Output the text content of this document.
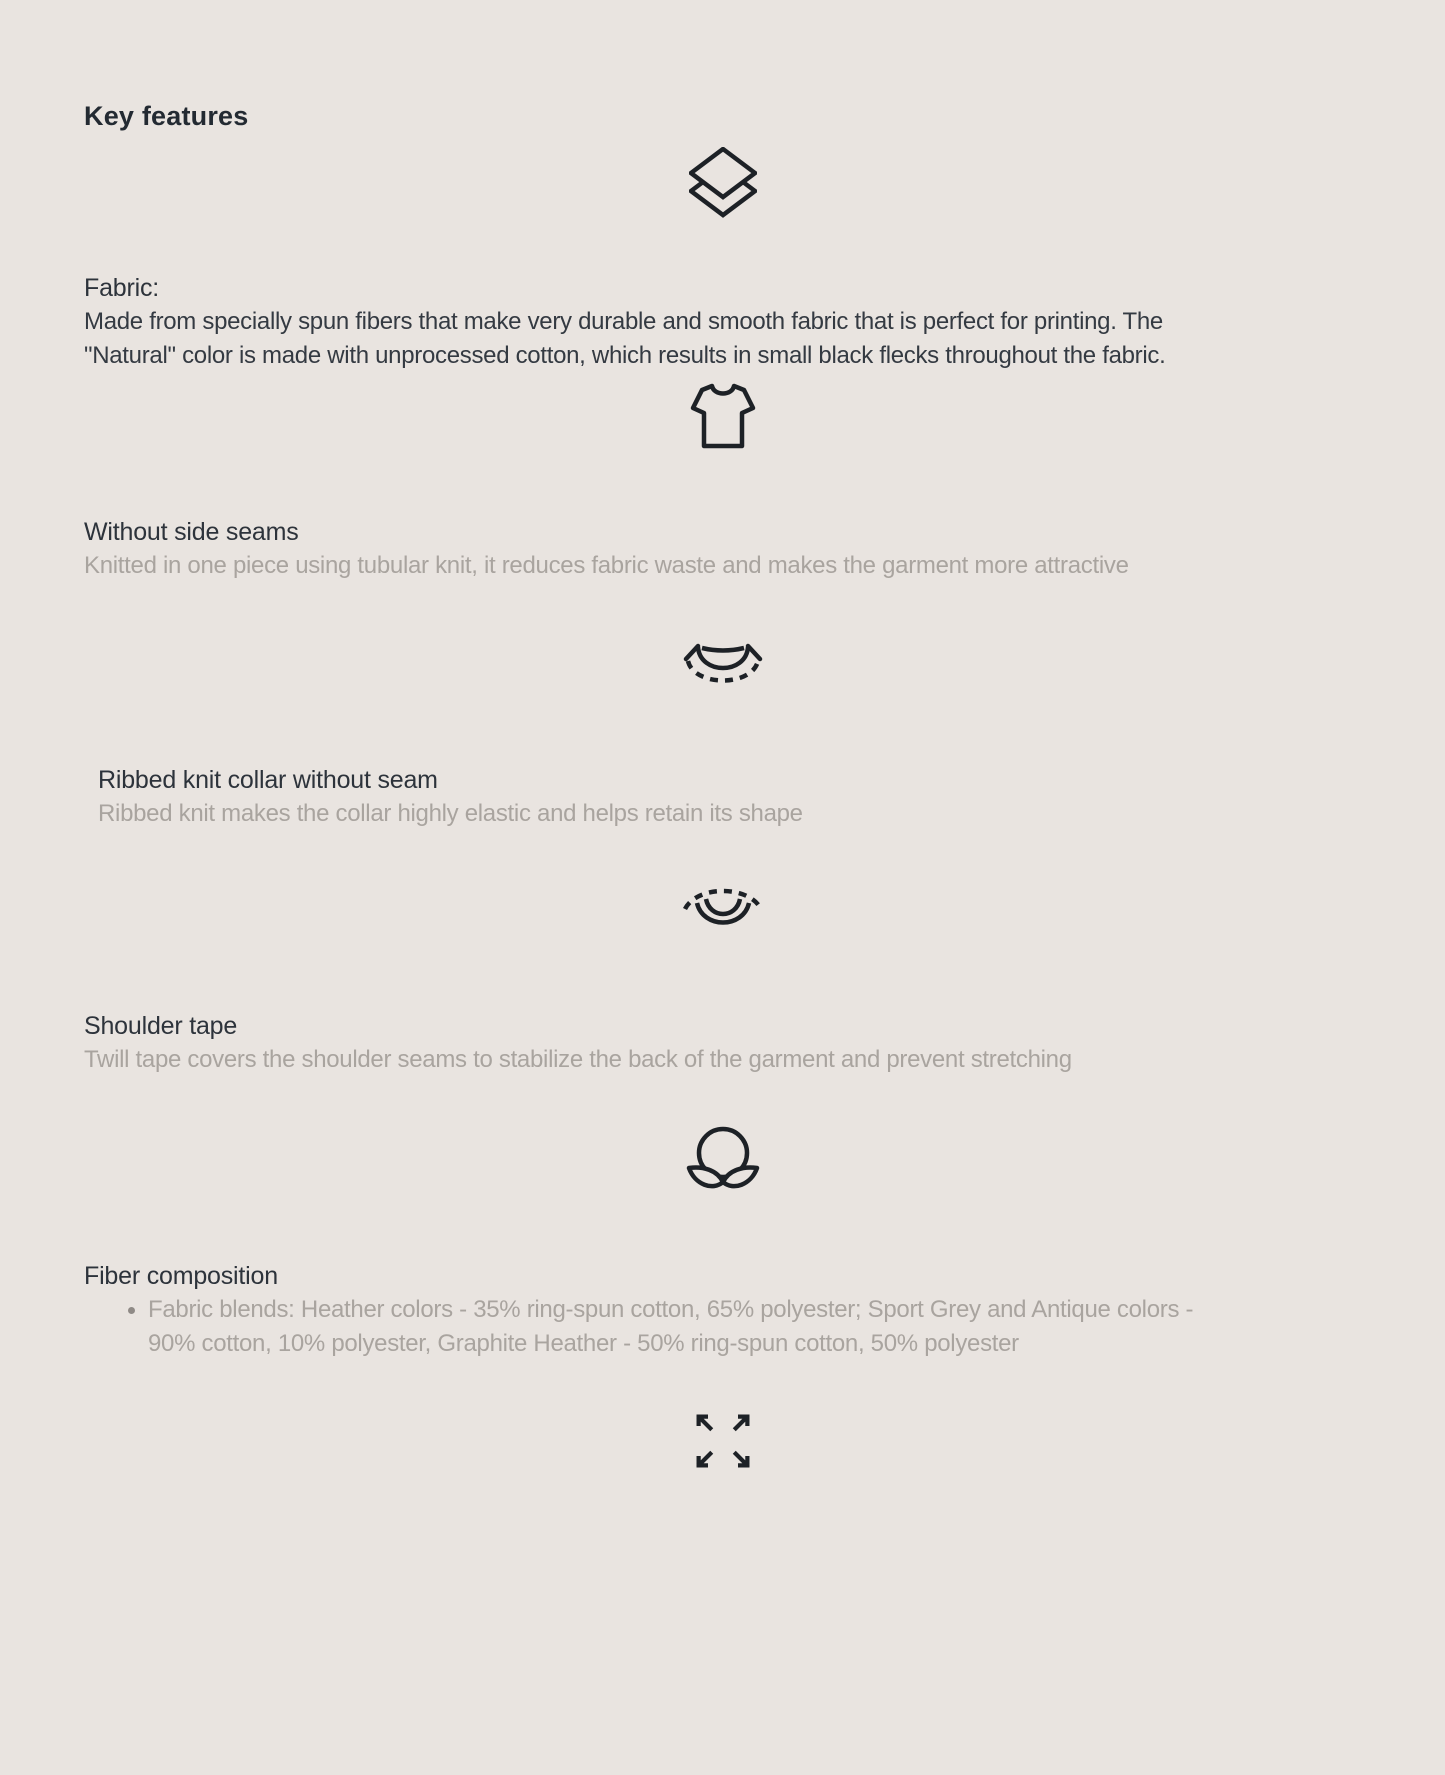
Key features
Fabric:
Made from specially spun fibers that make very durable and smooth fabric that is perfect for printing. The "Natural" color is made with unprocessed cotton, which results in small black flecks throughout the fabric.
Without side seams
Knitted in one piece using tubular knit, it reduces fabric waste and makes the garment more attractive
Ribbed knit collar without seam
Ribbed knit makes the collar highly elastic and helps retain its shape
Shoulder tape
Twill tape covers the shoulder seams to stabilize the back of the garment and prevent stretching
Fiber composition
• Fabric blends: Heather colors - 35% ring-spun cotton, 65% polyester; Sport Grey and Antique colors - 90% cotton, 10% polyester, Graphite Heather - 50% ring-spun cotton, 50% polyester
